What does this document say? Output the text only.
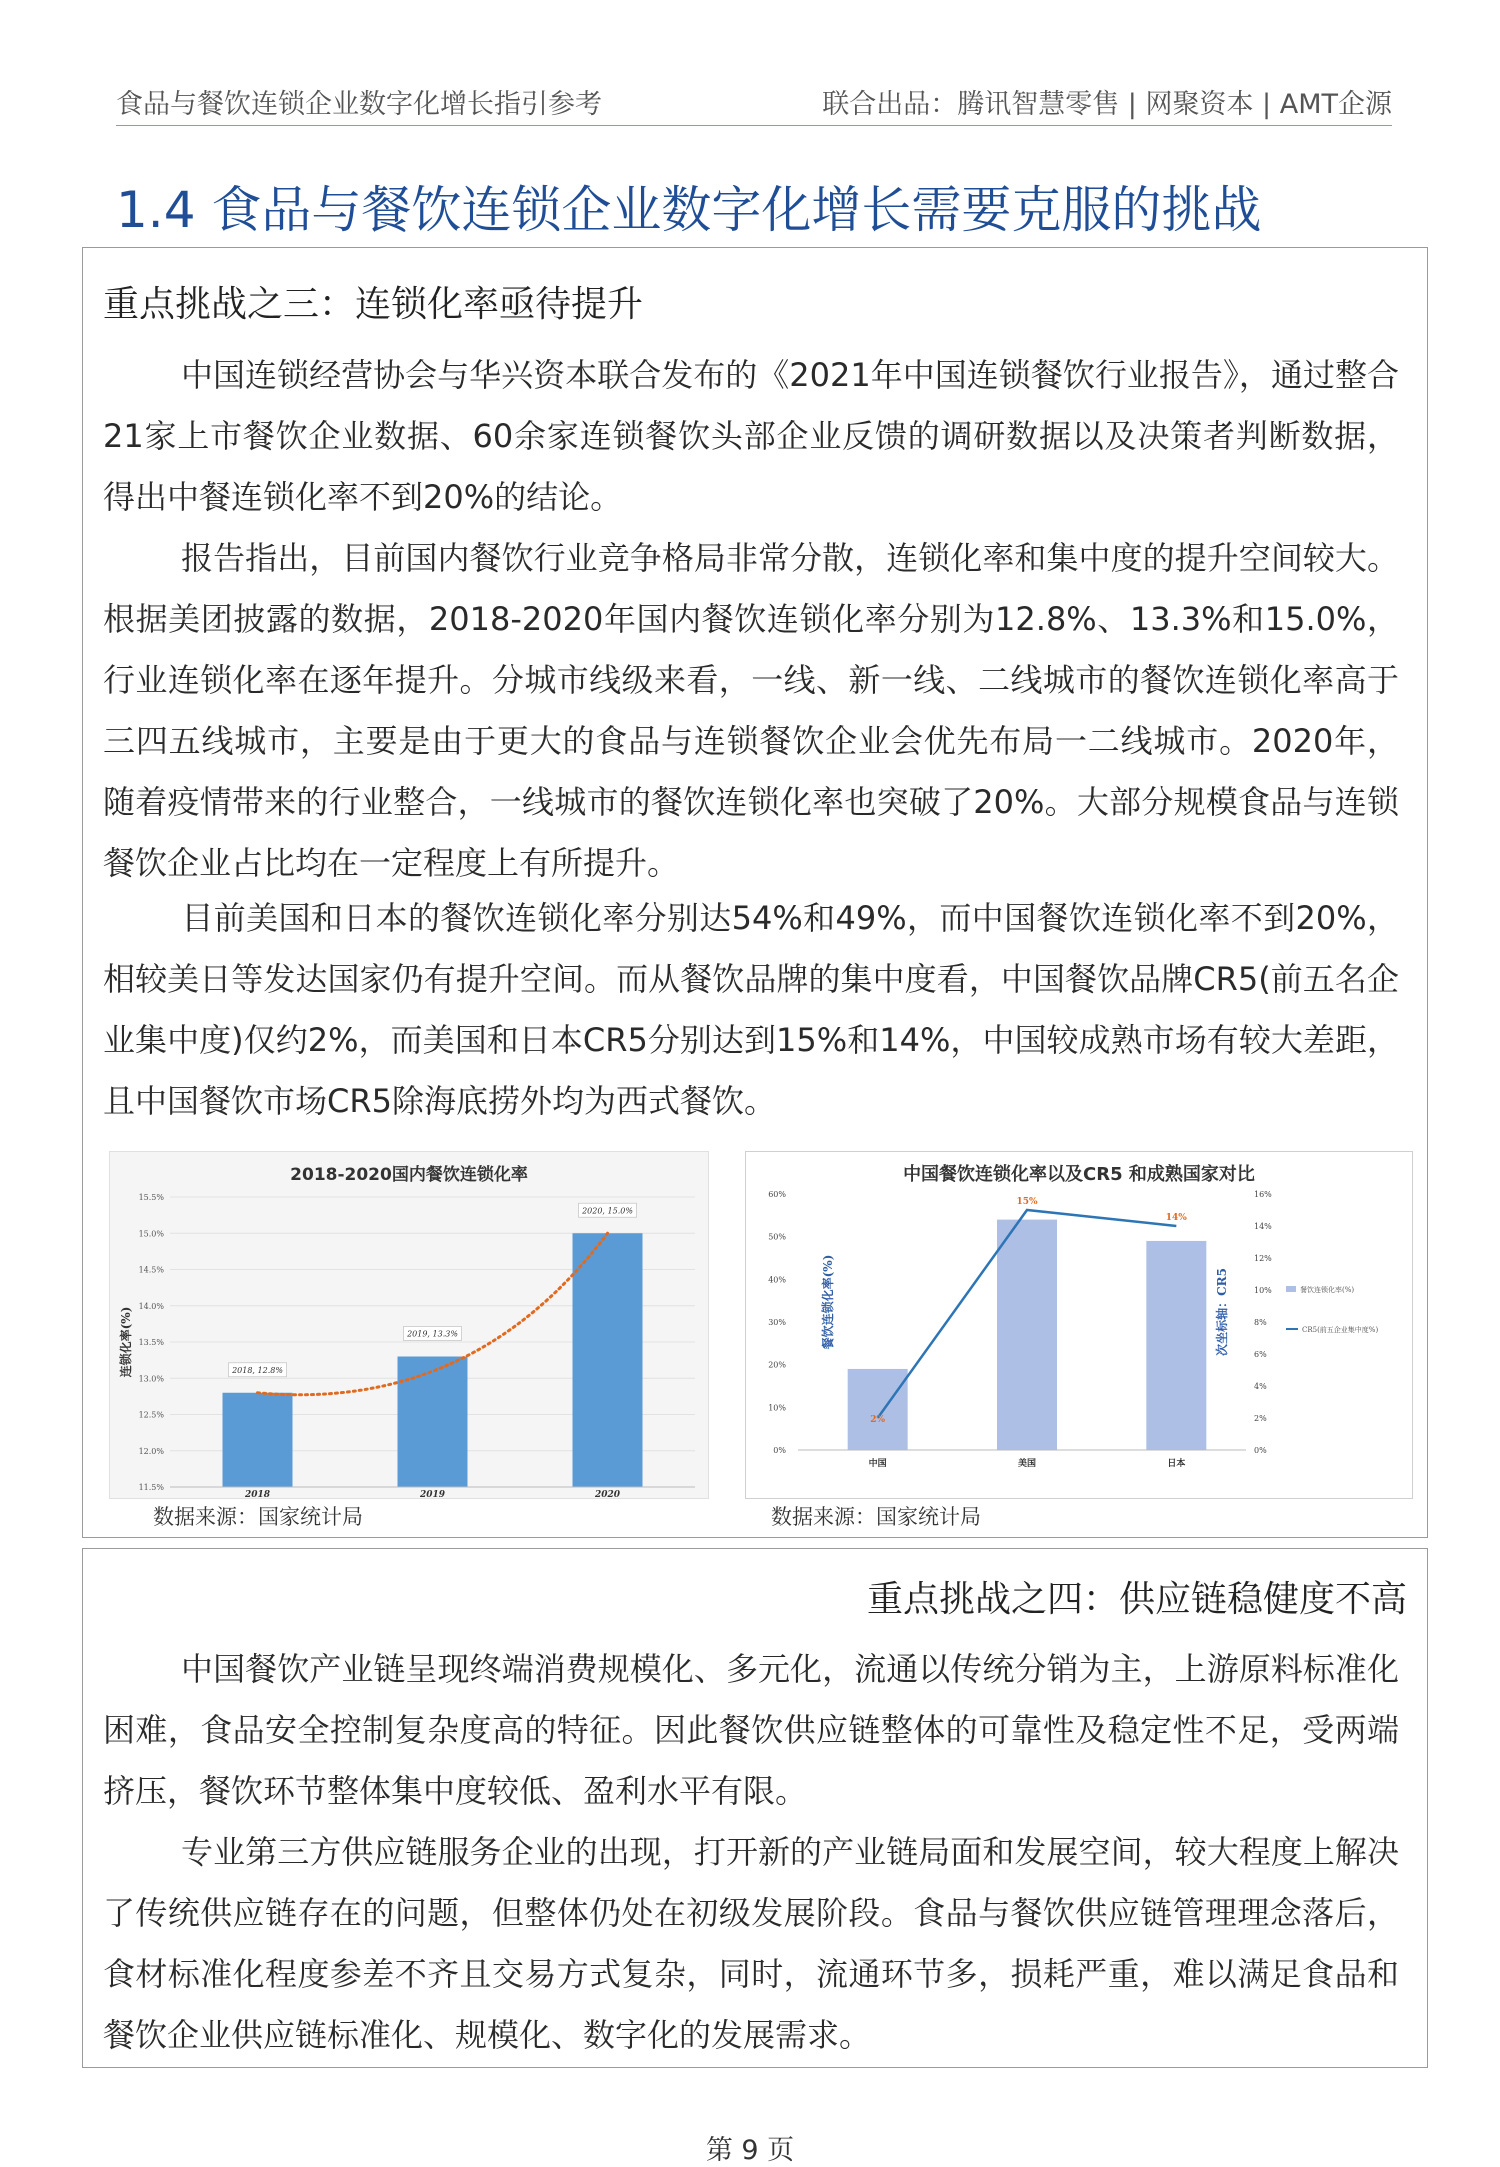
食品与餐饮连锁企业数字化增长指引参考	联合出品：腾讯智慧零售 | 网聚资本 | AMT企源
1.4 食品与餐饮连锁企业数字化增长需要克服的挑战
重点挑战之三：连锁化率亟待提升
中国连锁经营协会与华兴资本联合发布的《2021年中国连锁餐饮行业报告》，通过整合21家上市餐饮企业数据、60余家连锁餐饮头部企业反馈的调研数据以及决策者判断数据，得出中餐连锁化率不到20%的结论。
报告指出，目前国内餐饮行业竞争格局非常分散，连锁化率和集中度的提升空间较大。根据美团披露的数据，2018-2020年国内餐饮连锁化率分别为12.8%、13.3%和15.0%，行业连锁化率在逐年提升。分城市线级来看，一线、新一线、二线城市的餐饮连锁化率高于三四五线城市，主要是由于更大的食品与连锁餐饮企业会优先布局一二线城市。2020年，随着疫情带来的行业整合，一线城市的餐饮连锁化率也突破了20%。大部分规模食品与连锁餐饮企业占比均在一定程度上有所提升。
目前美国和日本的餐饮连锁化率分别达54%和49%，而中国餐饮连锁化率不到20%，相较美日等发达国家仍有提升空间。而从餐饮品牌的集中度看，中国餐饮品牌CR5(前五名企业集中度)仅约2%，而美国和日本CR5分别达到15%和14%，中国较成熟市场有较大差距，且中国餐饮市场CR5除海底捞外均为西式餐饮。
2018-2020国内餐饮连锁化率
11.5%
12.0%
12.5%
13.0%
13.5%
14.0%
14.5%
15.0%
15.5%
连锁化率(%)
2018
2018, 12.8%
2019
2019, 13.3%
2020
2020, 15.0%
数据来源：国家统计局
中国餐饮连锁化率以及CR5 和成熟国家对比
0%
10%
20%
30%
40%
50%
60%
0%
2%
4%
6%
8%
10%
12%
14%
16%
餐饮连锁化率(%)	次坐标轴：CR5
中国	美国	日本
2%
15%
14%
餐饮连锁化率(%)
CR5(前五企业集中度%)
数据来源：国家统计局
重点挑战之四：供应链稳健度不高
中国餐饮产业链呈现终端消费规模化、多元化，流通以传统分销为主，上游原料标准化困难，食品安全控制复杂度高的特征。因此餐饮供应链整体的可靠性及稳定性不足，受两端挤压，餐饮环节整体集中度较低、盈利水平有限。
专业第三方供应链服务企业的出现，打开新的产业链局面和发展空间，较大程度上解决了传统供应链存在的问题，但整体仍处在初级发展阶段。食品与餐饮供应链管理理念落后，食材标准化程度参差不齐且交易方式复杂，同时，流通环节多，损耗严重，难以满足食品和餐饮企业供应链标准化、规模化、数字化的发展需求。
第 9 页
